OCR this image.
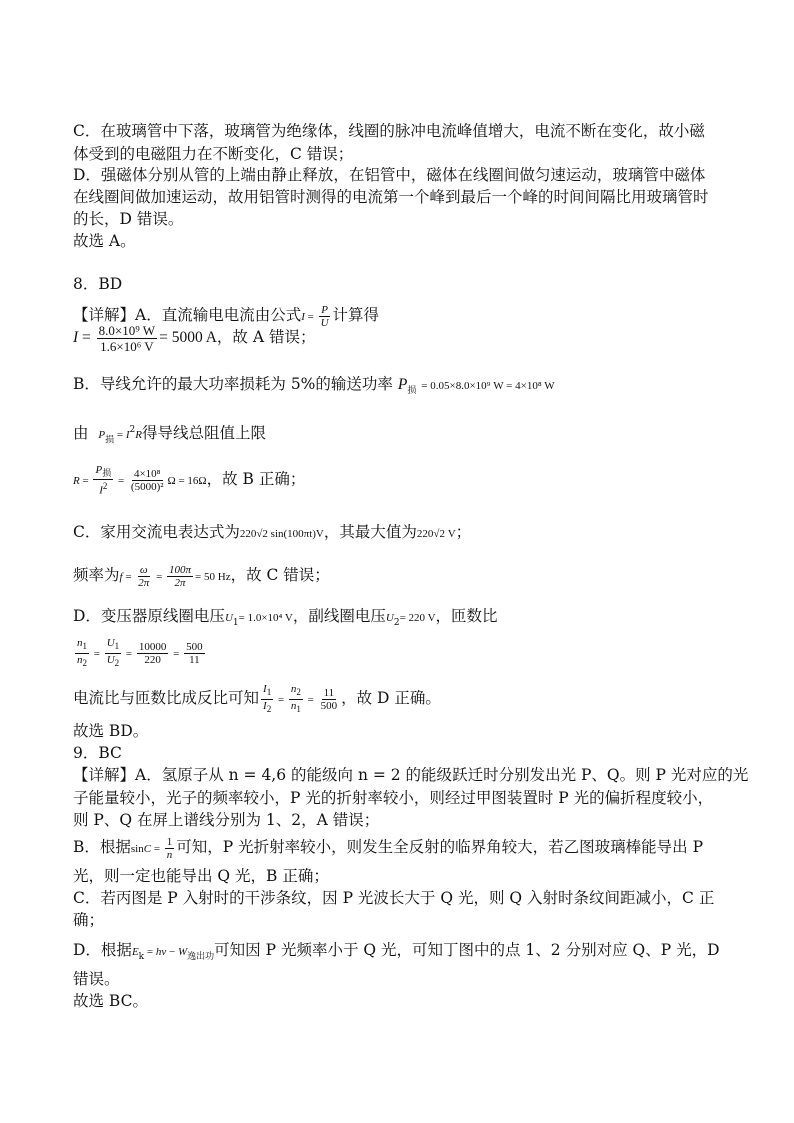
C．在玻璃管中下落，玻璃管为绝缘体，线圈的脉冲电流峰值增大，电流不断在变化，故小磁
体受到的电磁阻力在不断变化，C 错误；
D．强磁体分别从管的上端由静止释放，在铝管中，磁体在线圈间做匀速运动，玻璃管中磁体
在线圈间做加速运动，故用铝管时测得的电流第一个峰到最后一个峰的时间间隔比用玻璃管时
的长，D 错误。
故选 A。
8．BD
【详解】A．直流输电电流由公式$I = \frac{P}{U}$ 计算得
$I = \frac{\text{8.0×10⁹ W}}{\text{1.6×10⁶ V}} = 5000$ A，故 A 错误；
B．导线允许的最大功率损耗为 5%的输送功率 $P_损 = 0.05\times 8.0\times 10^9$ W = 4×10⁸ W
由 $P_损 = I^2R$得导线总阻值上限
$R = \frac{P_损}{I^2} = \frac{\text{4×10⁸}}{\text{(5000)²}}$ Ω = 16Ω，故 B 正确；
C．家用交流电表达式为220√2 sin(100πt)V，其最大值为220√2 V；
频率为$f = \frac{\omega}{2\pi} = \frac{100\pi}{2\pi} = 50$ Hz，故 C 错误；
D．变压器原线圈电压$U_1= 1.0\times 10^4$ V，副线圈电压$U_2= 220$ V，匝数比
$\frac{n_1}{n_2} = \frac{U_1}{U_2} = \frac{10000}{220} = \frac{500}{11}$
电流比与匝数比成反比可知 $\frac{I_1}{I_2} = \frac{n_2}{n_1} = \frac{11}{500}$ ，故 D 正确。
故选 BD。
9．BC
【详解】A．氢原子从 n = 4,6 的能级向 n = 2 的能级跃迁时分别发出光 P、Q。则 P 光对应的光
子能量较小，光子的频率较小，P 光的折射率较小，则经过甲图装置时 P 光的偏折程度较小，
则 P、Q 在屏上谱线分别为 1、2，A 错误；
B．根据$\sin C = \frac{1}{n}$ 可知，P 光折射率较小，则发生全反射的临界角较大，若乙图玻璃棒能导出 P
光，则一定也能导出 Q 光，B 正确；
C．若丙图是 P 入射时的干涉条纹，因 P 光波长大于 Q 光，则 Q 入射时条纹间距减小，C 正
确；
D．根据$E_k = h\nu - W_{逸出功}$可知因 P 光频率小于 Q 光，可知丁图中的点 1、2 分别对应 Q、P 光，D
错误。
故选 BC。
